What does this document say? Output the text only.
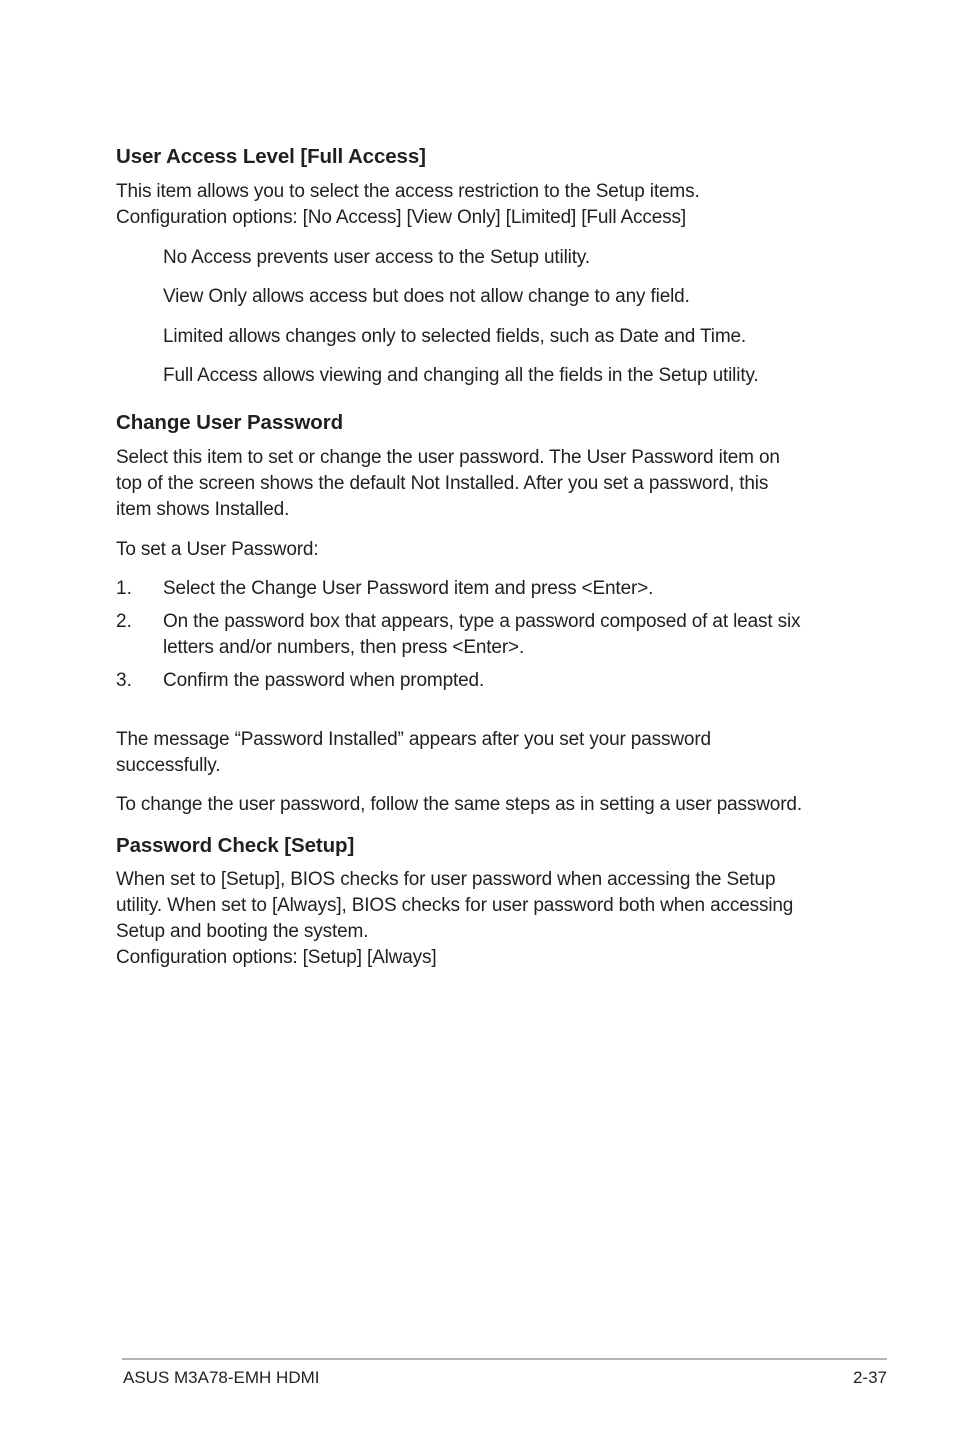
User Access Level [Full Access]

This item allows you to select the access restriction to the Setup items.

Configuration options: [No Access] [View Only] [Limited] [Full Access]

No Access prevents user access to the Setup utility.

View Only allows access but does not allow change to any field.

Limited allows changes only to selected fields, such as Date and Time.

Full Access allows viewing and changing all the fields in the Setup utility.

Change User Password

Select this item to set or change the user password. The User Password item on

top of the screen shows the default Not Installed. After you set a password, this

item shows Installed.

To set a User Password:

1. Select the Change User Password item and press <Enter>.

2. On the password box that appears, type a password composed of at least six

letters and/or numbers, then press <Enter>.

3. Confirm the password when prompted.

The message “Password Installed” appears after you set your password

successfully.

To change the user password, follow the same steps as in setting a user password.

Password Check [Setup]

When set to [Setup], BIOS checks for user password when accessing the Setup

utility. When set to [Always], BIOS checks for user password both when accessing

Setup and booting the system.

Configuration options: [Setup] [Always]

ASUS M3A78-EMH HDMI	2-37
